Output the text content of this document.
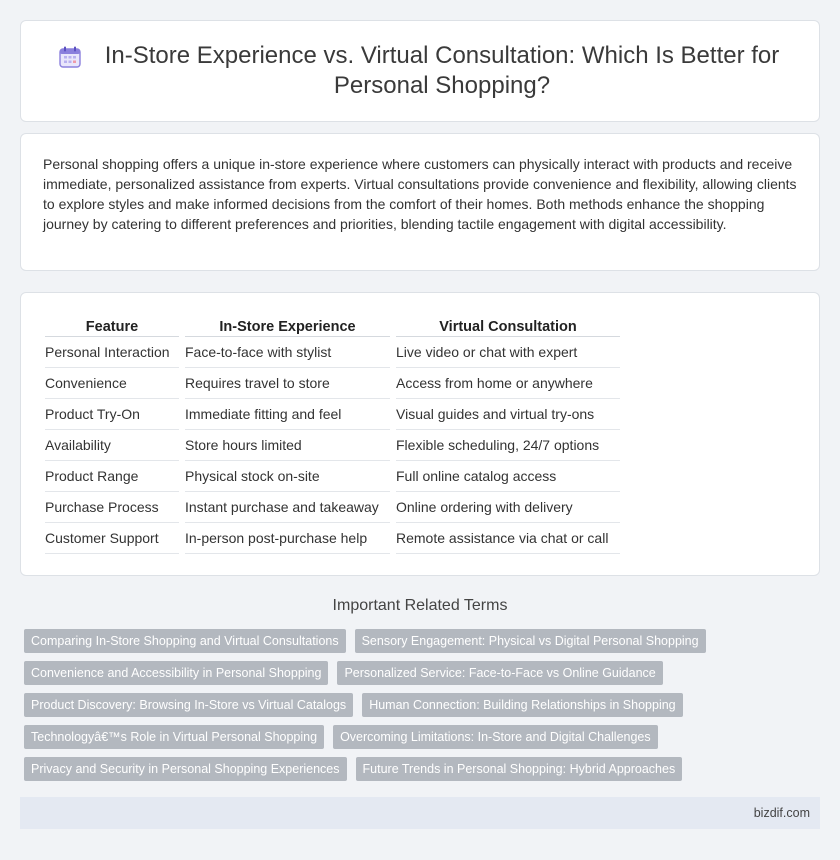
In-Store Experience vs. Virtual Consultation: Which Is Better for Personal Shopping?

Personal shopping offers a unique in-store experience where customers can physically interact with products and receive immediate, personalized assistance from experts. Virtual consultations provide convenience and flexibility, allowing clients to explore styles and make informed decisions from the comfort of their homes. Both methods enhance the shopping journey by catering to different preferences and priorities, blending tactile engagement with digital accessibility.

Feature	In-Store Experience	Virtual Consultation
Personal Interaction	Face-to-face with stylist	Live video or chat with expert
Convenience	Requires travel to store	Access from home or anywhere
Product Try-On	Immediate fitting and feel	Visual guides and virtual try-ons
Availability	Store hours limited	Flexible scheduling, 24/7 options
Product Range	Physical stock on-site	Full online catalog access
Purchase Process	Instant purchase and takeaway	Online ordering with delivery
Customer Support	In-person post-purchase help	Remote assistance via chat or call
Important Related Terms
Comparing In-Store Shopping and Virtual Consultations	Sensory Engagement: Physical vs Digital Personal Shopping
Convenience and Accessibility in Personal Shopping	Personalized Service: Face-to-Face vs Online Guidance
Product Discovery: Browsing In-Store vs Virtual Catalogs	Human Connection: Building Relationships in Shopping
Technologyâ€™s Role in Virtual Personal Shopping	Overcoming Limitations: In-Store and Digital Challenges
Privacy and Security in Personal Shopping Experiences	Future Trends in Personal Shopping: Hybrid Approaches
bizdif.com
